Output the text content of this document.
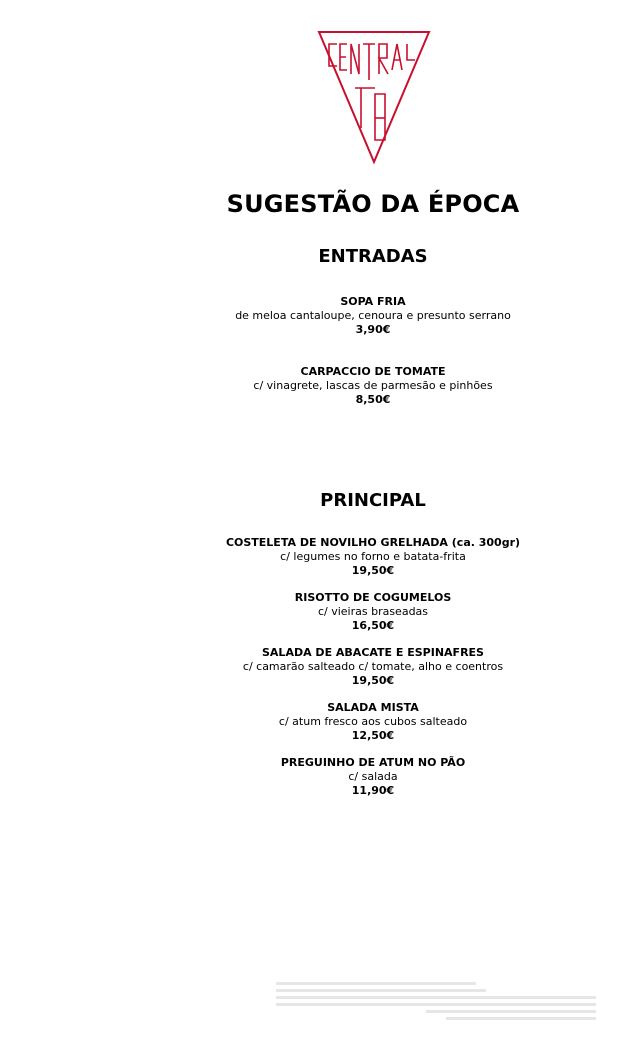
SUGESTÃO DA ÉPOCA
ENTRADAS
SOPA FRIA
de meloa cantaloupe, cenoura e presunto serrano
3,90€
CARPACCIO DE TOMATE
c/ vinagrete, lascas de parmesão e pinhões
8,50€
PRINCIPAL
COSTELETA DE NOVILHO GRELHADA (ca. 300gr)
c/ legumes no forno e batata-frita
19,50€
RISOTTO DE COGUMELOS
c/ vieiras braseadas
16,50€
SALADA DE ABACATE E ESPINAFRES
c/ camarão salteado c/ tomate, alho e coentros
19,50€
SALADA MISTA
c/ atum fresco aos cubos salteado
12,50€
PREGUINHO DE ATUM NO PÃO
c/ salada
11,90€
